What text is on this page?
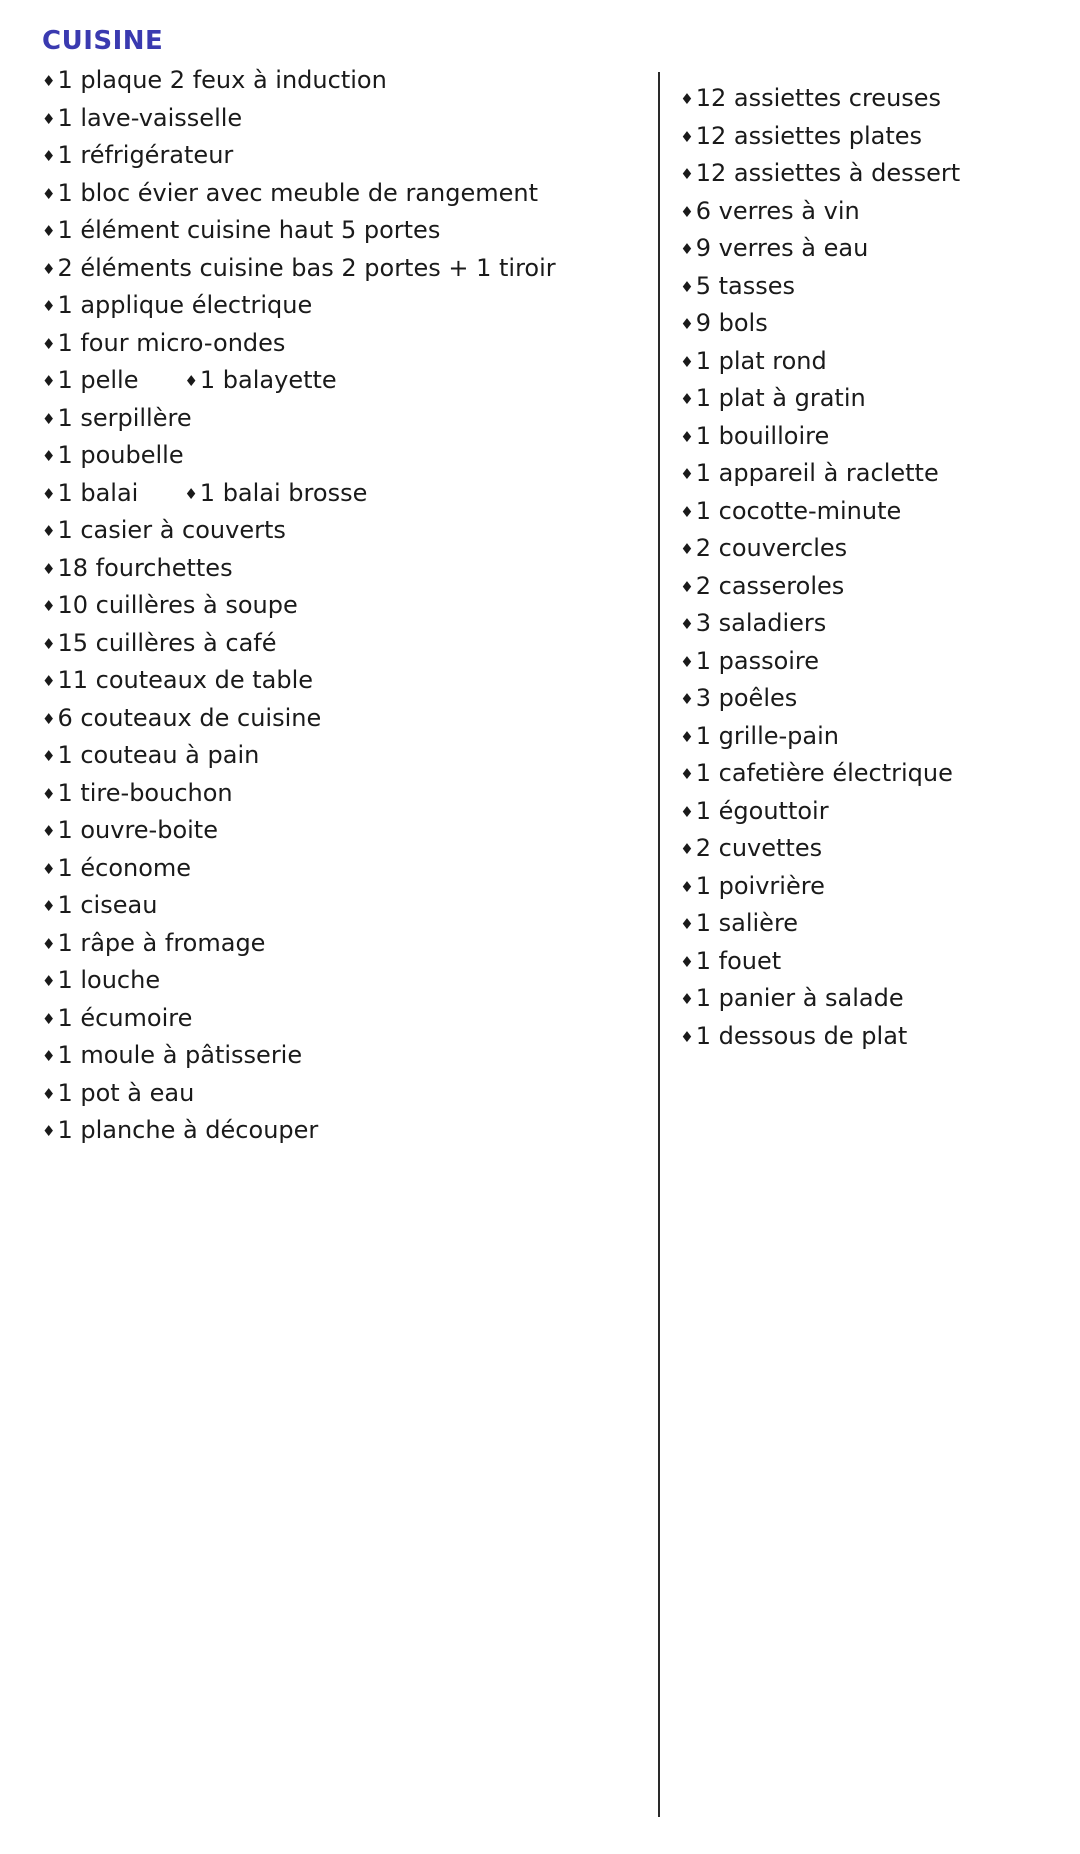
CUISINE
♦ 1 plaque 2 feux à induction
♦ 1 lave-vaisselle
♦ 1 réfrigérateur
♦ 1 bloc évier avec meuble de rangement
♦ 1 élément cuisine haut 5 portes
♦ 2 éléments cuisine bas 2 portes + 1 tiroir
♦ 1 applique électrique
♦ 1 four micro-ondes
♦ 1 pelle	♦ 1 balayette
♦ 1 serpillère
♦ 1 poubelle
♦ 1 balai	♦ 1 balai brosse
♦ 1 casier à couverts
♦ 18 fourchettes
♦ 10 cuillères à soupe
♦ 15 cuillères à café
♦ 11 couteaux de table
♦ 6 couteaux de cuisine
♦ 1 couteau à pain
♦ 1 tire-bouchon
♦ 1 ouvre-boite
♦ 1 économe
♦ 1 ciseau
♦ 1 râpe à fromage
♦ 1 louche
♦ 1 écumoire
♦ 1 moule à pâtisserie
♦ 1 pot à eau
♦ 1 planche à découper
♦ 12 assiettes creuses
♦ 12 assiettes plates
♦ 12 assiettes à dessert
♦ 6 verres à vin
♦ 9 verres à eau
♦ 5 tasses
♦ 9 bols
♦ 1 plat rond
♦ 1 plat à gratin
♦ 1 bouilloire
♦ 1 appareil à raclette
♦ 1 cocotte-minute
♦ 2 couvercles
♦ 2 casseroles
♦ 3 saladiers
♦ 1 passoire
♦ 3 poêles
♦ 1 grille-pain
♦ 1 cafetière électrique
♦ 1 égouttoir
♦ 2 cuvettes
♦ 1 poivrière
♦ 1 salière
♦ 1 fouet
♦ 1 panier à salade
♦ 1 dessous de plat
